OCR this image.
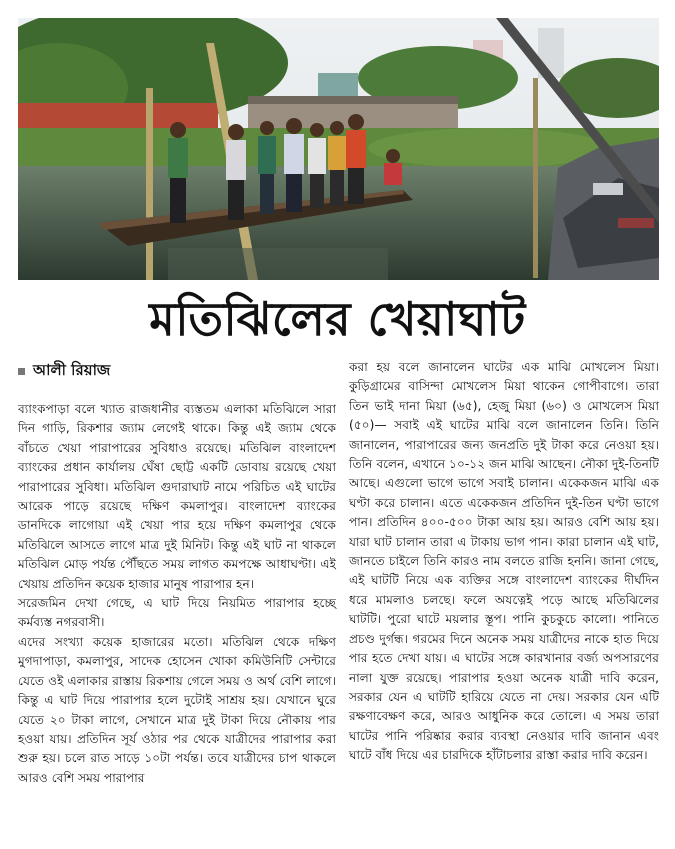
মতিঝিলের খেয়াঘাট
আলী রিয়াজ

ব্যাংকপাড়া বলে খ্যাত রাজধানীর ব্যস্ততম এলাকা মতিঝিলে সারা দিন গাড়ি, রিকশার জ্যাম লেগেই থাকে। কিন্তু এই জ্যাম থেকে বাঁচতে খেয়া পারাপারের সুবিধাও রয়েছে। মতিঝিল বাংলাদেশ ব্যাংকের প্রধান কার্যালয় ঘেঁষা ছোট্ট একটি ডোবায় রয়েছে খেয়া পারাপারের সুবিধা। মতিঝিল গুদারাঘাট নামে পরিচিত এই ঘাটের আরেক পাড়ে রয়েছে দক্ষিণ কমলাপুর। বাংলাদেশ ব্যাংকের ডানদিকে লাগোয়া এই খেয়া পার হয়ে দক্ষিণ কমলাপুর থেকে মতিঝিলে আসতে লাগে মাত্র দুই মিনিট। কিন্তু এই ঘাট না থাকলে মতিঝিল মোড় পর্যন্ত পৌঁছতে সময় লাগত কমপক্ষে আধাঘণ্টা। এই খেয়ায় প্রতিদিন কয়েক হাজার মানুষ পারাপার হন।

সরেজমিন দেখা গেছে, এ ঘাট দিয়ে নিয়মিত পারাপার হচ্ছে কর্মব্যস্ত নগরবাসী।

এদের সংখ্যা কয়েক হাজারের মতো। মতিঝিল থেকে দক্ষিণ মুগদাপাড়া, কমলাপুর, সাদেক হোসেন খোকা কমিউনিটি সেন্টারে যেতে ওই এলাকার রাস্তায় রিকশায় গেলে সময় ও অর্থ বেশি লাগে। কিন্তু এ ঘাট দিয়ে পারাপার হলে দুটোই সাশ্রয় হয়। যেখানে ঘুরে যেতে ২০ টাকা লাগে, সেখানে মাত্র দুই টাকা দিয়ে নৌকায় পার হওয়া যায়। প্রতিদিন সূর্য ওঠার পর থেকে যাত্রীদের পারাপার করা শুরু হয়। চলে রাত সাড়ে ১০টা পর্যন্ত। তবে যাত্রীদের চাপ থাকলে আরও বেশি সময় পারাপার

করা হয় বলে জানালেন ঘাটের এক মাঝি মোখলেস মিয়া। কুড়িগ্রামের বাসিন্দা মোখলেস মিয়া থাকেন গোপীবাগে। তারা তিন ভাই দানা মিয়া (৬৫), হেজু মিয়া (৬০) ও মোখলেস মিয়া (৫০)— সবাই এই ঘাটের মাঝি বলে জানালেন তিনি। তিনি জানালেন, পারাপারের জন্য জনপ্রতি দুই টাকা করে নেওয়া হয়। তিনি বলেন, এখানে ১০-১২ জন মাঝি আছেন। নৌকা দুই-তিনটি আছে। এগুলো ভাগে ভাগে সবাই চালান। একেকজন মাঝি এক ঘণ্টা করে চালান। এতে একেকজন প্রতিদিন দুই-তিন ঘণ্টা ভাগে পান। প্রতিদিন ৪০০-৫০০ টাকা আয় হয়। আরও বেশি আয় হয়। যারা ঘাট চালান তারা এ টাকায় ভাগ পান। কারা চালান এই ঘাট, জানতে চাইলে তিনি কারও নাম বলতে রাজি হননি। জানা গেছে, এই ঘাটটি নিয়ে এক ব্যক্তির সঙ্গে বাংলাদেশ ব্যাংকের দীর্ঘদিন ধরে মামলাও চলছে। ফলে অযত্নেই পড়ে আছে মতিঝিলের ঘাটটি। পুরো ঘাটে ময়লার স্তূপ। পানি কুচকুচে কালো। পানিতে প্রচণ্ড দুর্গন্ধ। গরমের দিনে অনেক সময় যাত্রীদের নাকে হাত দিয়ে পার হতে দেখা যায়। এ ঘাটের সঙ্গে কারখানার বর্জ্য অপসারণের নালা যুক্ত রয়েছে। পারাপার হওয়া অনেক যাত্রী দাবি করেন, সরকার যেন এ ঘাটটি হারিয়ে যেতে না দেয়। সরকার যেন এটি রক্ষণাবেক্ষণ করে, আরও আধুনিক করে তোলে। এ সময় তারা ঘাটের পানি পরিষ্কার করার ব্যবস্থা নেওয়ার দাবি জানান এবং ঘাটে বাঁধ দিয়ে এর চারদিকে হাঁটাচলার রাস্তা করার দাবি করেন।
